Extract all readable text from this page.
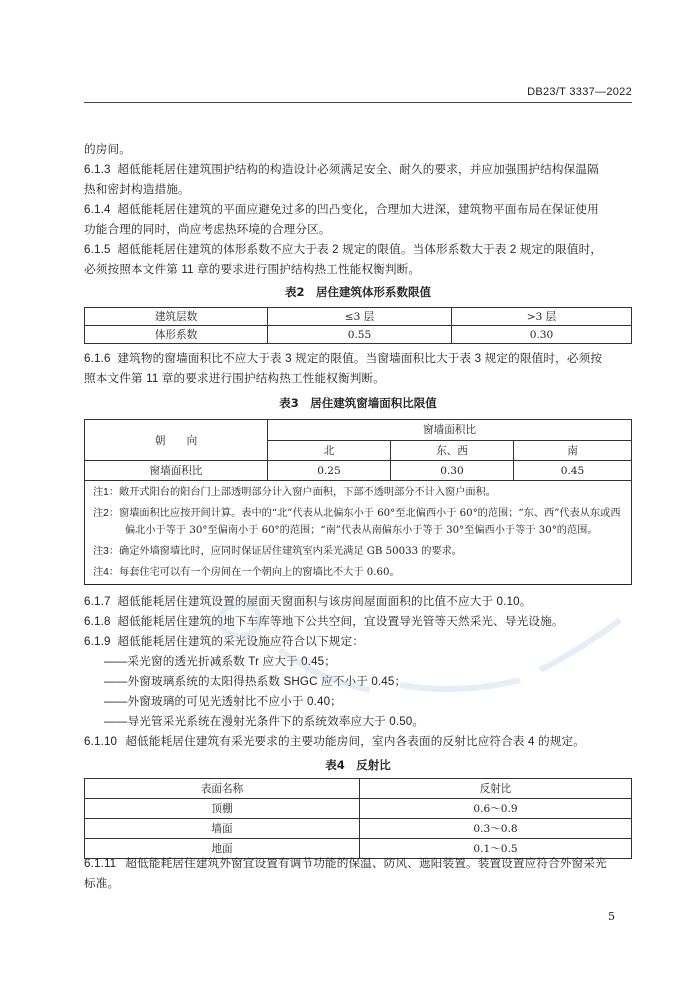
DB23/T 3337—2022
的房间。
6.1.3 超低能耗居住建筑围护结构的构造设计必须满足安全、耐久的要求，并应加强围护结构保温隔
热和密封构造措施。
6.1.4 超低能耗居住建筑的平面应避免过多的凹凸变化，合理加大进深，建筑物平面布局在保证使用
功能合理的同时，尚应考虑热环境的合理分区。
6.1.5 超低能耗居住建筑的体形系数不应大于表 2 规定的限值。当体形系数大于表 2 规定的限值时，
必须按照本文件第 11 章的要求进行围护结构热工性能权衡判断。
表2　居住建筑体形系数限值
建筑层数	≤3 层	>3 层
体形系数	0.55	0.30
6.1.6 建筑物的窗墙面积比不应大于表 3 规定的限值。当窗墙面积比大于表 3 规定的限值时，必须按
照本文件第 11 章的要求进行围护结构热工性能权衡判断。
表3　居住建筑窗墙面积比限值
朝　　向	窗墙面积比		
	北	东、西	南
窗墙面积比	0.25	0.30	0.45
注1：敞开式阳台的阳台门上部透明部分计入窗户面积，下部不透明部分不计入窗户面积。			
注2：窗墙面积比应按开间计算。表中的“北”代表从北偏东小于 60°至北偏西小于 60°的范围；“东、西”代表从东或西偏北小于等于 30°至偏南小于 60°的范围；“南”代表从南偏东小于等于 30°至偏西小于等于 30°的范围。			
注3：确定外墙窗墙比时，应同时保证居住建筑室内采光满足 GB 50033 的要求。			
注4：每套住宅可以有一个房间在一个朝向上的窗墙比不大于 0.60。			
6.1.7 超低能耗居住建筑设置的屋面天窗面积与该房间屋面面积的比值不应大于 0.10。
6.1.8 超低能耗居住建筑的地下车库等地下公共空间，宜设置导光管等天然采光、导光设施。
6.1.9 超低能耗居住建筑的采光设施应符合以下规定：
——采光窗的透光折减系数 Tr 应大于 0.45；
——外窗玻璃系统的太阳得热系数 SHGC 应不小于 0.45；
——外窗玻璃的可见光透射比不应小于 0.40；
——导光管采光系统在漫射光条件下的系统效率应大于 0.50。
6.1.10 超低能耗居住建筑有采光要求的主要功能房间，室内各表面的反射比应符合表 4 的规定。
表4　反射比
表面名称	反射比
顶棚	0.6～0.9
墙面	0.3～0.8
地面	0.1～0.5
6.1.11 超低能耗居住建筑外窗宜设置有调节功能的保温、防风、遮阳装置。装置设置应符合外窗采光
标准。
5
